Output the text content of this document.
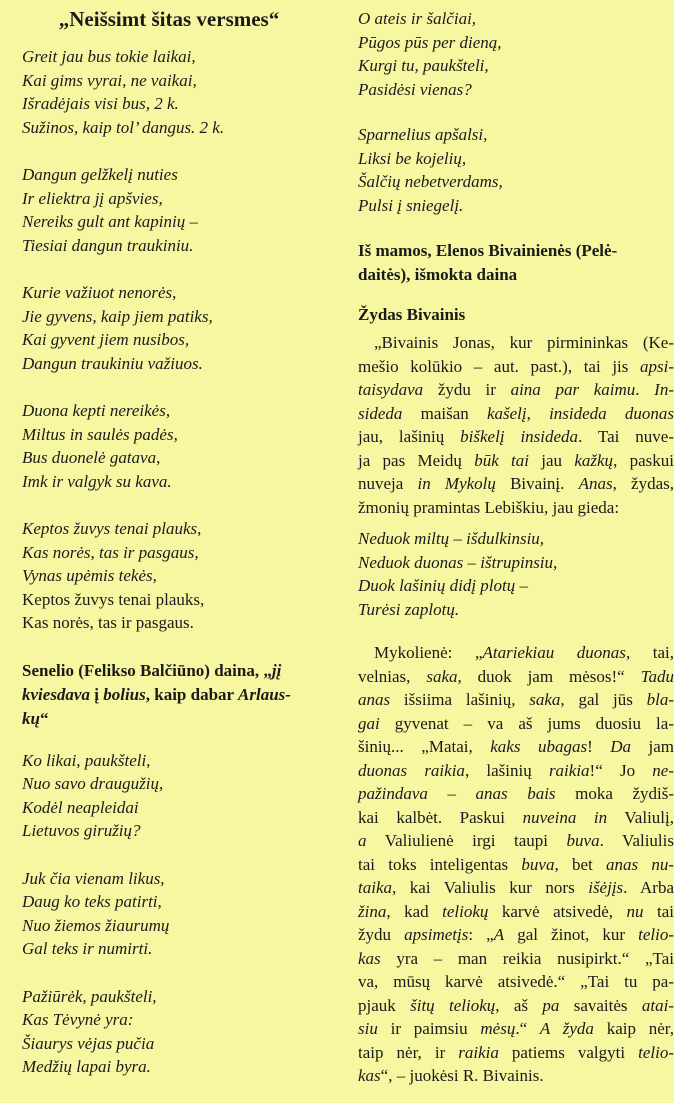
„Neišsimt šitas versmes“
Greit jau bus tokie laikai,
Kai gims vyrai, ne vaikai,
Išradėjais visi bus, 2 k.
Sužinos, kaip tol’ dangus. 2 k.
Dangun gelžkelį nuties
Ir eliektra jį apšvies,
Nereiks gult ant kapinių –
Tiesiai dangun traukiniu.
Kurie važiuot nenorės,
Jie gyvens, kaip jiem patiks,
Kai gyvent jiem nusibos,
Dangun traukiniu važiuos.
Duona kepti nereikės,
Miltus in saulės padės,
Bus duonelė gatava,
Imk ir valgyk su kava.
Keptos žuvys tenai plauks,
Kas norės, tas ir pasgaus,
Vynas upėmis tekės,
Keptos žuvys tenai plauks,
Kas norės, tas ir pasgaus.
Senelio (Felikso Balčiūno) daina, „jį
kviesdava į bolius, kaip dabar Arlaus-
kų“
Ko likai, paukšteli,
Nuo savo draugužių,
Kodėl neapleidai
Lietuvos giružių?
Juk čia vienam likus,
Daug ko teks patirti,
Nuo žiemos žiaurumų
Gal teks ir numirti.
Pažiūrėk, paukšteli,
Kas Tėvynė yra:
Šiaurys vėjas pučia
Medžių lapai byra.
O ateis ir šalčiai,
Pūgos pūs per dieną,
Kurgi tu, paukšteli,
Pasidėsi vienas?
Sparnelius apšalsi,
Liksi be kojelių,
Šalčių nebetverdams,
Pulsi į sniegelį.
Iš mamos, Elenos Bivainienės (Pelė-
daitės), išmokta daina
Žydas Bivainis
„Bivainis Jonas, kur pirmininkas (Ke-
mešio kolūkio – aut. past.), tai jis apsi-
taisydava žydu ir aina par kaimu. In-
sideda maišan kašelį, insideda duonas
jau, lašinių biškelį insideda. Tai nuve-
ja pas Meidų būk tai jau kažkų, paskui
nuveja in Mykolų Bivainį. Anas, žydas,
žmonių pramintas Lebiškiu, jau gieda:
Neduok miltų – išdulkinsiu,
Neduok duonas – ištrupinsiu,
Duok lašinių didį plotų –
Turėsi zaplotų.
Mykolienė: „Atariekiau duonas, tai,
velnias, saka, duok jam mėsos!“ Tadu
anas išsiima lašinių, saka, gal jūs bla-
gai gyvenat – va aš jums duosiu la-
šinių... „Matai, kaks ubagas! Da jam
duonas raikia, lašinių raikia!“ Jo ne-
pažindava – anas bais moka žydiš-
kai kalbėt. Paskui nuveina in Valiulį,
a Valiulienė irgi taupi buva. Valiulis
tai toks inteligentas buva, bet anas nu-
taika, kai Valiulis kur nors išėjįs. Arba
žina, kad teliokų karvė atsivedė, nu tai
žydu apsimetįs: „A gal žinot, kur telio-
kas yra – man reikia nusipirkt.“ „Tai
va, mūsų karvė atsivedė.“ „Tai tu pa-
pjauk šitų teliokų, aš pa savaitės atai-
siu ir paimsiu mėsų.“ A žyda kaip nėr,
taip nėr, ir raikia patiems valgyti telio-
kas“, – juokėsi R. Bivainis.
